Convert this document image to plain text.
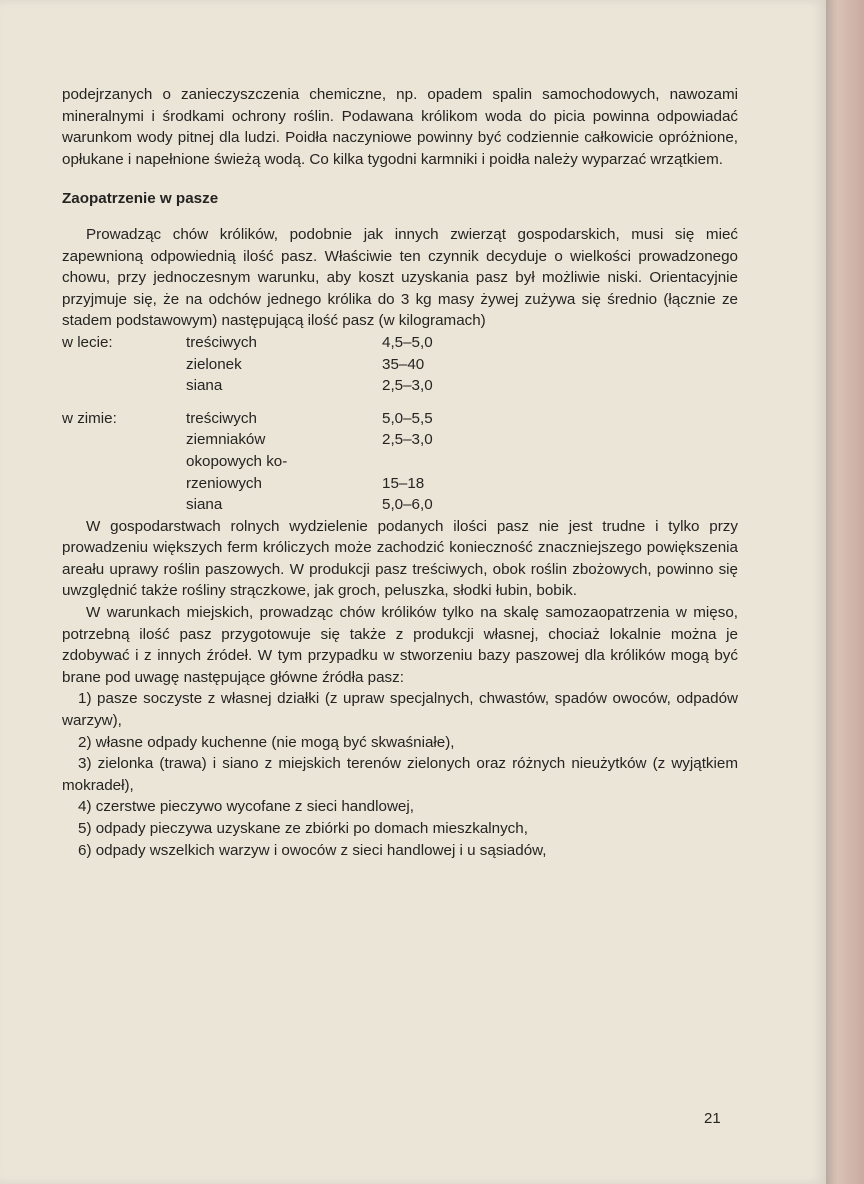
podejrzanych o zanieczyszczenia chemiczne, np. opadem spalin samochodowych, nawozami mineralnymi i środkami ochrony roślin. Podawana królikom woda do picia powinna odpowiadać warunkom wody pitnej dla ludzi. Poidła naczyniowe powinny być codziennie całkowicie opróżnione, opłukane i napełnione świeżą wodą. Co kilka tygodni karmniki i poidła należy wyparzać wrzątkiem.

Zaopatrzenie w pasze

Prowadząc chów królików, podobnie jak innych zwierząt gospodarskich, musi się mieć zapewnioną odpowiednią ilość pasz. Właściwie ten czynnik decyduje o wielkości prowadzonego chowu, przy jednoczesnym warunku, aby koszt uzyskania pasz był możliwie niski. Orientacyjnie przyjmuje się, że na odchów jednego królika do 3 kg masy żywej zużywa się średnio (łącznie ze stadem podstawowym) następującą ilość pasz (w kilogramach)

w lecie:	treściwych	4,5–5,0
zielonek	35–40
siana	2,5–3,0
w zimie:	treściwych	5,0–5,5
ziemniaków	2,5–3,0
okopowych ko-
rzeniowych	15–18
siana	5,0–6,0

W gospodarstwach rolnych wydzielenie podanych ilości pasz nie jest trudne i tylko przy prowadzeniu większych ferm króliczych może zachodzić konieczność znaczniejszego powiększenia areału uprawy roślin paszowych. W produkcji pasz treściwych, obok roślin zbożowych, powinno się uwzględnić także rośliny strączkowe, jak groch, peluszka, słodki łubin, bobik.

W warunkach miejskich, prowadząc chów królików tylko na skalę samozaopatrzenia w mięso, potrzebną ilość pasz przygotowuje się także z produkcji własnej, chociaż lokalnie można je zdobywać i z innych źródeł. W tym przypadku w stworzeniu bazy paszowej dla królików mogą być brane pod uwagę następujące główne źródła pasz:

1) pasze soczyste z własnej działki (z upraw specjalnych, chwastów, spadów owoców, odpadów warzyw),

2) własne odpady kuchenne (nie mogą być skwaśniałe),

3) zielonka (trawa) i siano z miejskich terenów zielonych oraz różnych nieużytków (z wyjątkiem mokradeł),

4) czerstwe pieczywo wycofane z sieci handlowej,

5) odpady pieczywa uzyskane ze zbiórki po domach mieszkalnych,

6) odpady wszelkich warzyw i owoców z sieci handlowej i u sąsiadów,

21
